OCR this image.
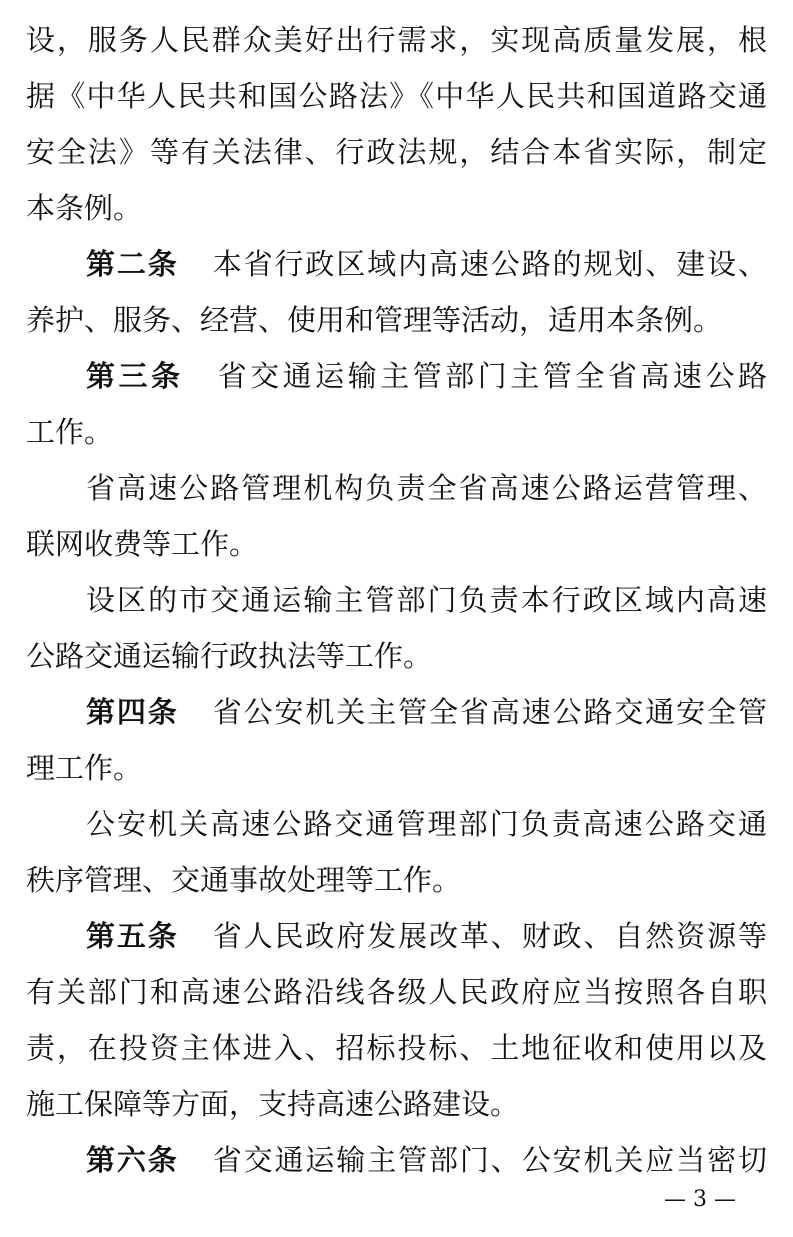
设，服务人民群众美好出行需求，实现高质量发展，根
据《中华人民共和国公路法》《中华人民共和国道路交通
安全法》等有关法律、行政法规，结合本省实际，制定
本条例。
第二条 本省行政区域内高速公路的规划、建设、
养护、服务、经营、使用和管理等活动，适用本条例。
第三条 省交通运输主管部门主管全省高速公路
工作。
省高速公路管理机构负责全省高速公路运营管理、
联网收费等工作。
设区的市交通运输主管部门负责本行政区域内高速
公路交通运输行政执法等工作。
第四条 省公安机关主管全省高速公路交通安全管
理工作。
公安机关高速公路交通管理部门负责高速公路交通
秩序管理、交通事故处理等工作。
第五条 省人民政府发展改革、财政、自然资源等
有关部门和高速公路沿线各级人民政府应当按照各自职
责，在投资主体进入、招标投标、土地征收和使用以及
施工保障等方面，支持高速公路建设。
第六条 省交通运输主管部门、公安机关应当密切
— 3 —
